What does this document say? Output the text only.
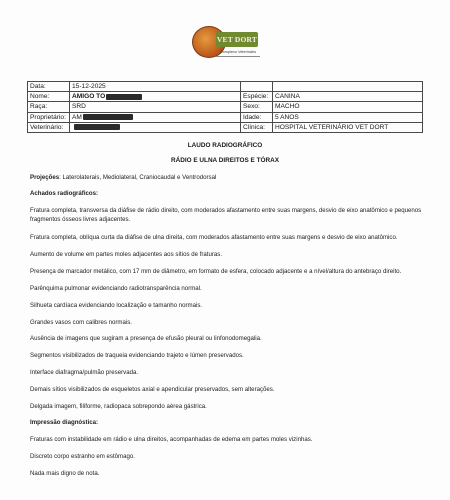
VET DORT
Complexo Veterinário
Data:	15-12-2025		
Nome:	AMIGO TO	Espécie:	CANINA
Raça:	SRD	Sexo:	MACHO
Proprietário:	AM	Idade:	5 ANOS
Veterinário:		Clínica:	HOSPITAL VETERINÁRIO VET DORT
LAUDO RADIOGRÁFICO
RÁDIO E ULNA DIREITOS E TÓRAX
Projeções: Laterolaterais, Mediolateral, Craniocaudal e Ventrodorsal
Achados radiográficos:
Fratura completa, transversa da diáfise de rádio direito, com moderados afastamento entre suas margens, desvio de eixo anatômico e pequenos fragmentos ósseos livres adjacentes.
Fratura completa, oblíqua curta da diáfise de ulna direita, com moderados afastamento entre suas margens e desvio de eixo anatômico.
Aumento de volume em partes moles adjacentes aos sítios de fraturas.
Presença de marcador metálico, com 17 mm de diâmetro, em formato de esfera, colocado adjacente e a nível/altura do antebraço direito.
Parênquima pulmonar evidenciando radiotransparência normal.
Silhueta cardíaca evidenciando localização e tamanho normais.
Grandes vasos com calibres normais.
Ausência de imagens que sugiram a presença de efusão pleural ou linfonodomegalia.
Segmentos visibilizados de traqueia evidenciando trajeto e lúmen preservados.
Interface diafragma/pulmão preservada.
Demais sítios visibilizados de esqueletos axial e apendicular preservados, sem alterações.
Delgada imagem, filiforme, radiopaca sobrepondo aérea gástrica.
Impressão diagnóstica:
Fraturas com instabilidade em rádio e ulna direitos, acompanhadas de edema em partes moles vizinhas.
Discreto corpo estranho em estômago.
Nada mais digno de nota.
